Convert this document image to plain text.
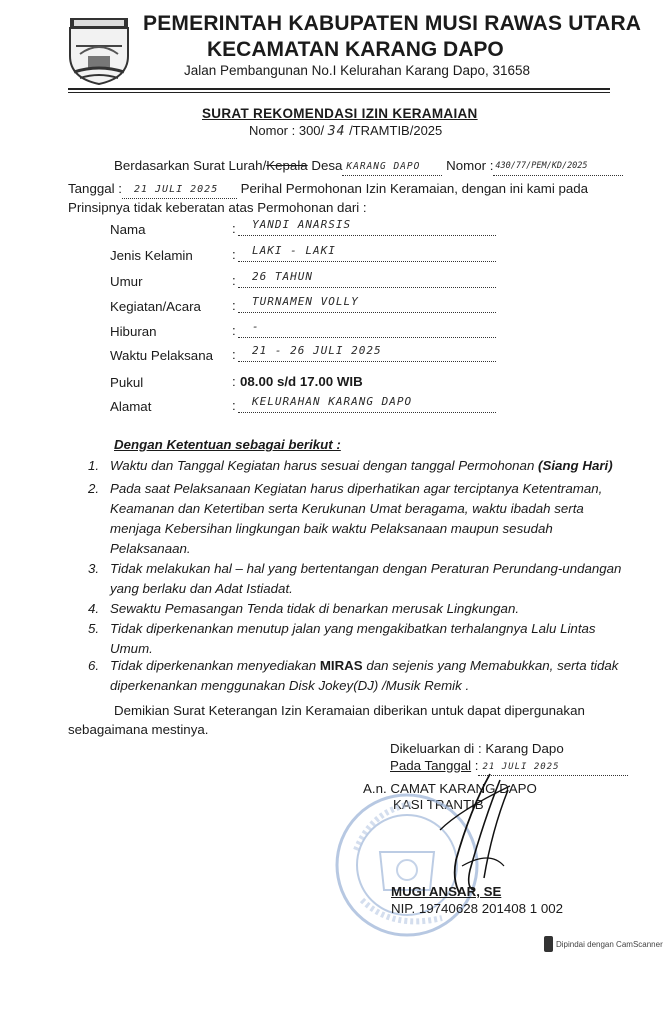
PEMERINTAH KABUPATEN MUSI RAWAS UTARA
KECAMATAN KARANG DAPO
Jalan Pembangunan No.I Kelurahan Karang Dapo, 31658
SURAT REKOMENDASI IZIN KERAMAIAN
Nomor : 300/ 34 /TRAMTIB/2025
Berdasarkan Surat Lurah/Kepala Desa $^{KARANG DAPO}$ Nomor : $^{430/77/PEM/KD/2025}$
Tanggal : $^{21 JULI 2025}$ Perihal Permohonan Izin Keramaian, dengan ini kami pada
Prinsipnya tidak keberatan atas Permohonan dari :
Nama	:	YANDI ANARSIS
Jenis Kelamin	:	LAKI - LAKI
Umur	:	26 TAHUN
Kegiatan/Acara :	TURNAMEN VOLLY
Hiburan	:	-
Waktu Pelaksana :	21 - 26 JULI 2025
Pukul	: 08.00 s/d 17.00 WIB
Alamat	:	KELURAHAN KARANG DAPO
Dengan Ketentuan sebagai berikut :
1. Waktu dan Tanggal Kegiatan harus sesuai dengan tanggal Permohonan (Siang Hari)
2. Pada saat Pelaksanaan Kegiatan harus diperhatikan agar terciptanya Ketentraman,
Keamanan dan Ketertiban serta Kerukunan Umat beragama, waktu ibadah serta
menjaga Kebersihan lingkungan baik waktu Pelaksanaan maupun sesudah
Pelaksanaan.
3. Tidak melakukan hal – hal yang bertentangan dengan Peraturan Perundang-undangan
yang berlaku dan Adat Istiadat.
4. Sewaktu Pemasangan Tenda tidak di benarkan merusak Lingkungan.
5. Tidak diperkenankan menutup jalan yang mengakibatkan terhalangnya Lalu Lintas
Umum.
6. Tidak diperkenankan menyediakan MIRAS dan sejenis yang Memabukkan, serta tidak
diperkenankan menggunakan Disk Jokey(DJ) /Musik Remik .
Demikian Surat Keterangan Izin Keramaian diberikan untuk dapat dipergunakan
sebagaimana mestinya.
Dikeluarkan di : Karang Dapo
Pada Tanggal : $^{21 JULI 2025}$
A.n. CAMAT KARANG DAPO
KASI TRANTIB
MUGI ANSAR, SE
NIP. 19740628 201408 1 002
Dipindai dengan CamScanner
